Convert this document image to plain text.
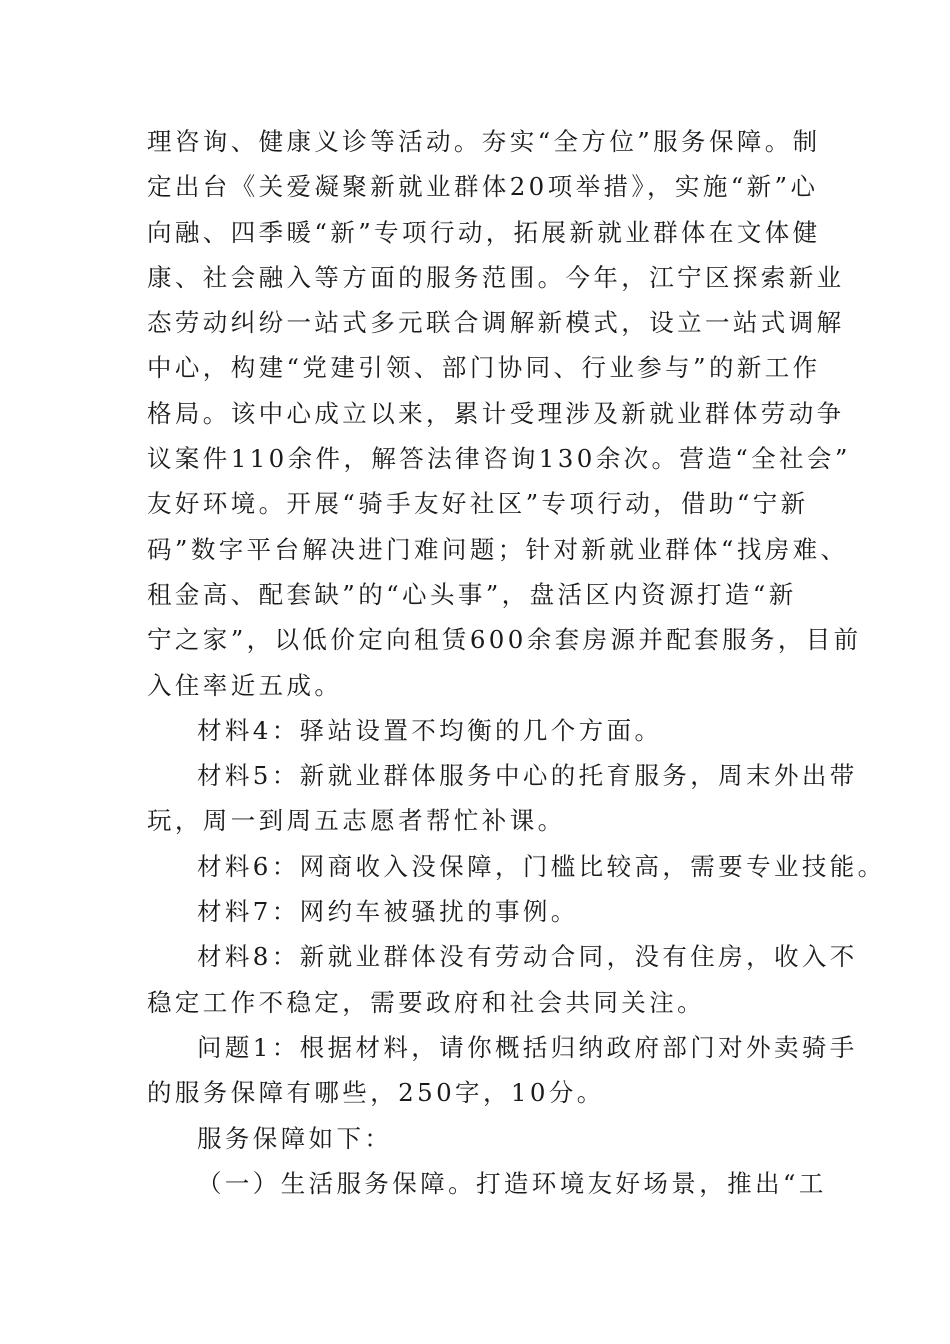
理咨询、健康义诊等活动。夯实“全方位”服务保障。制
定出台《关爱凝聚新就业群体20项举措》，实施“新”心
向融、四季暖“新”专项行动，拓展新就业群体在文体健
康、社会融入等方面的服务范围。今年，江宁区探索新业
态劳动纠纷一站式多元联合调解新模式，设立一站式调解
中心，构建“党建引领、部门协同、行业参与”的新工作
格局。该中心成立以来，累计受理涉及新就业群体劳动争
议案件110余件，解答法律咨询130余次。营造“全社会”
友好环境。开展“骑手友好社区”专项行动，借助“宁新
码”数字平台解决进门难问题；针对新就业群体“找房难、
租金高、配套缺”的“心头事”，盘活区内资源打造“新
宁之家”，以低价定向租赁600余套房源并配套服务，目前
入住率近五成。
材料4：驿站设置不均衡的几个方面。
材料5：新就业群体服务中心的托育服务，周末外出带
玩，周一到周五志愿者帮忙补课。
材料6：网商收入没保障，门槛比较高，需要专业技能。
材料7：网约车被骚扰的事例。
材料8：新就业群体没有劳动合同，没有住房，收入不
稳定工作不稳定，需要政府和社会共同关注。
问题1：根据材料，请你概括归纳政府部门对外卖骑手
的服务保障有哪些，250字，10分。
服务保障如下：
（一）生活服务保障。打造环境友好场景，推出“工
